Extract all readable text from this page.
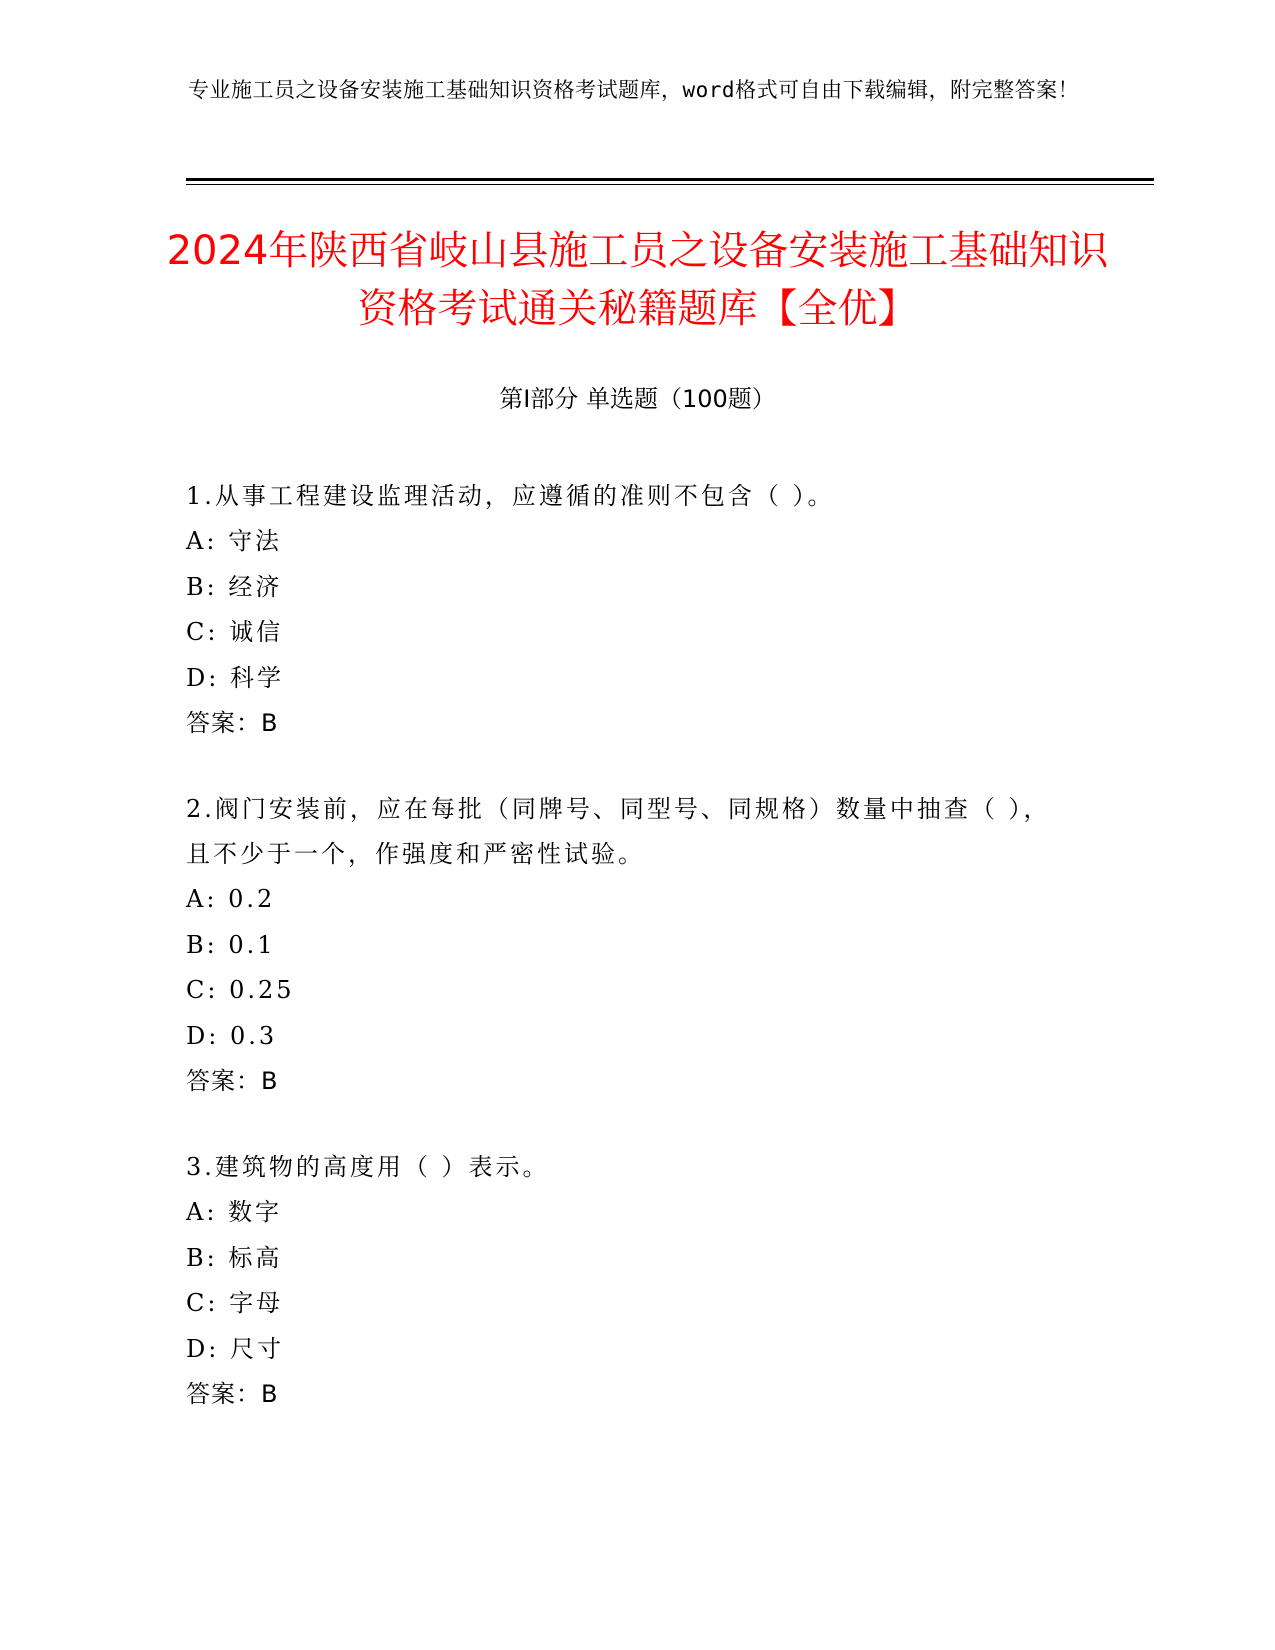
专业施工员之设备安装施工基础知识资格考试题库，word格式可自由下载编辑，附完整答案！
2024年陕西省岐山县施工员之设备安装施工基础知识资格考试通关秘籍题库【全优】
第I部分 单选题（100题）
1.从事工程建设监理活动，应遵循的准则不包含（ ）。
A: 守法
B: 经济
C: 诚信
D: 科学
答案：B
2.阀门安装前，应在每批（同牌号、同型号、同规格）数量中抽查（ ），且不少于一个，作强度和严密性试验。
A: 0.2
B: 0.1
C: 0.25
D: 0.3
答案：B
3.建筑物的高度用（ ）表示。
A: 数字
B: 标高
C: 字母
D: 尺寸
答案：B
